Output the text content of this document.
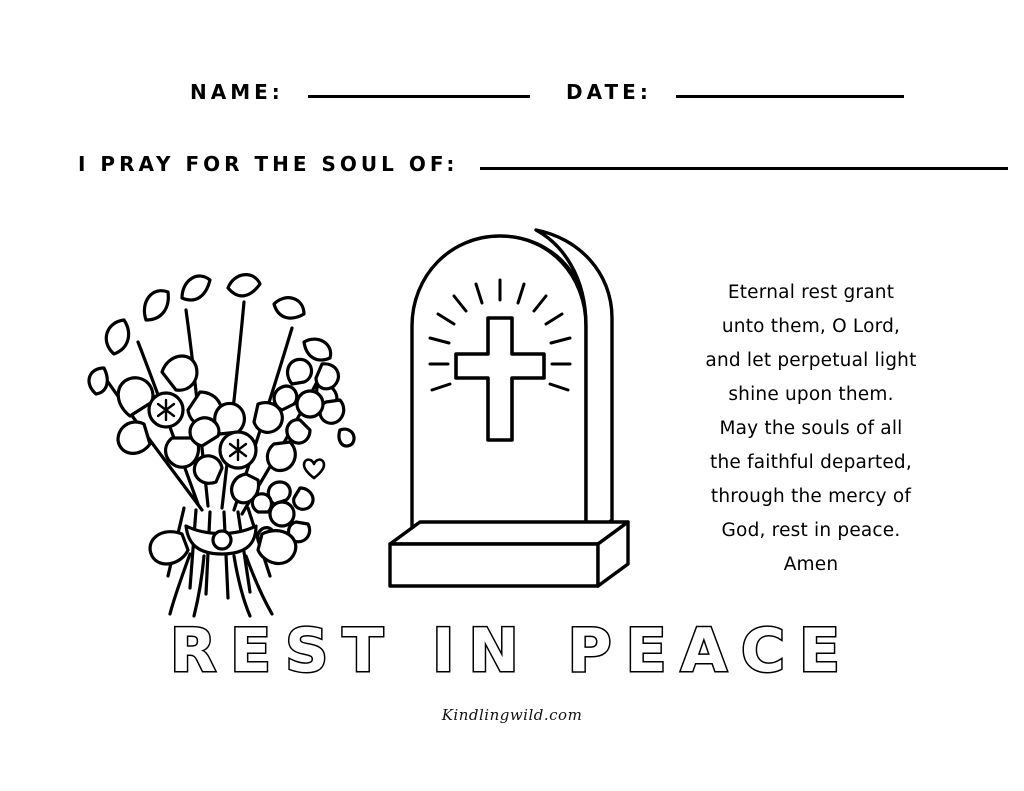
NAME:	DATE:
I PRAY FOR THE SOUL OF:
Eternal rest grant
unto them, O Lord,
and let perpetual light
shine upon them.
May the souls of all
the faithful departed,
through the mercy of
God, rest in peace.
Amen
REST IN PEACE
Kindlingwild.com
